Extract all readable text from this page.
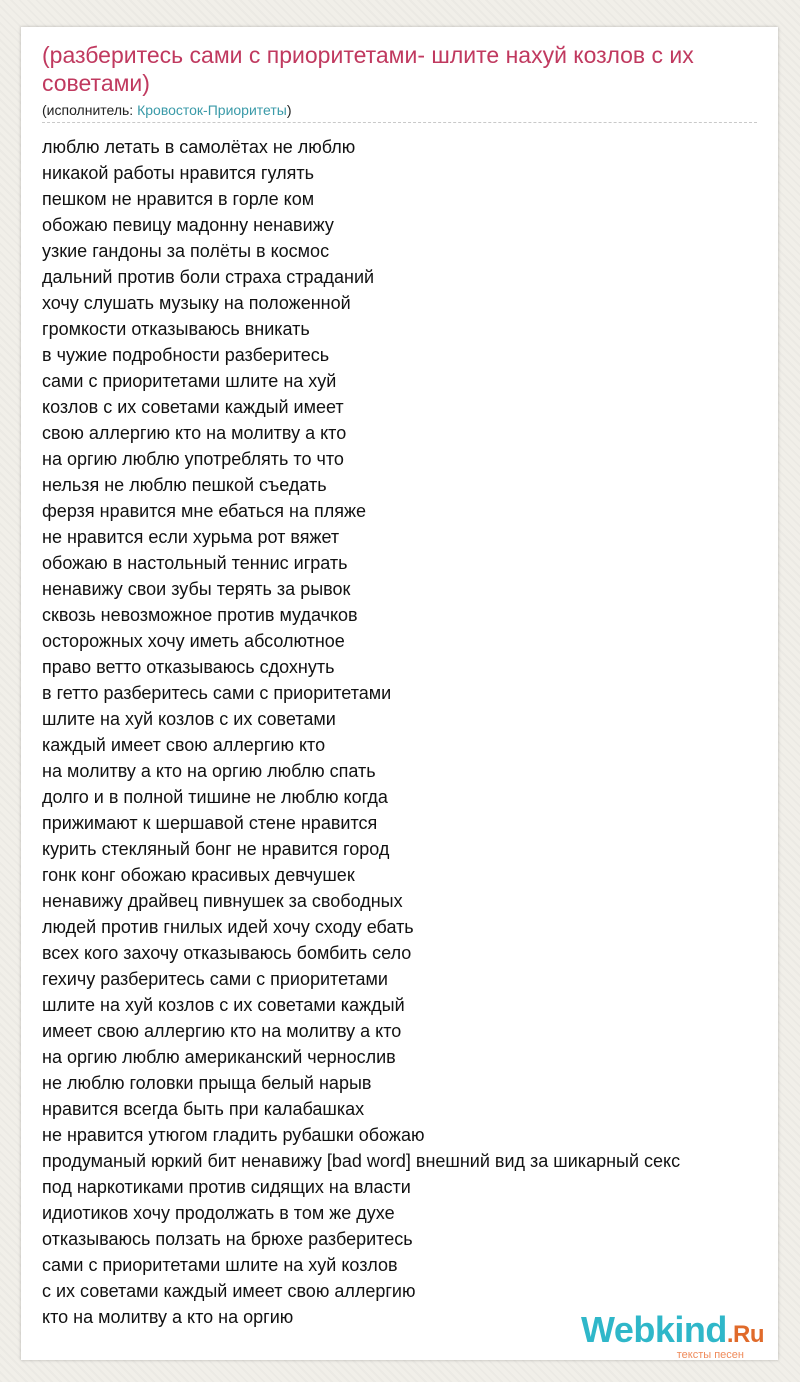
(разберитесь сами с приоритетами- шлите нахуй козлов с их советами)
(исполнитель: Кровосток-Приоритеты)
люблю летать в самолётах не люблю
никакой работы нравится гулять
пешком не нравится в горле ком
обожаю певицу мадонну ненавижу
узкие гандоны за полёты в космос
дальний против боли страха страданий
хочу слушать музыку на положенной
громкости отказываюсь вникать
в чужие подробности разберитесь
сами с приоритетами шлите на хуй
козлов с их советами каждый имеет
свою аллергию кто на молитву а кто
на оргию люблю употреблять то что
нельзя не люблю пешкой съедать
ферзя нравится мне ебаться на пляже
не нравится если хурьма рот вяжет
обожаю в настольный теннис играть
ненавижу свои зубы терять за рывок
сквозь невозможное против мудачков
осторожных хочу иметь абсолютное
право ветто отказываюсь сдохнуть
в гетто разберитесь сами с приоритетами
шлите на хуй козлов с их советами
каждый имеет свою аллергию кто
на молитву а кто на оргию люблю спать
долго и в полной тишине не люблю когда
прижимают к шершавой стене нравится
курить стекляный бонг не нравится город
гонк конг обожаю красивых девчушек
ненавижу драйвец пивнушек за свободных
людей против гнилых идей хочу сходу ебать
всех кого захочу отказываюсь бомбить село
гехичу разберитесь сами с приоритетами
шлите на хуй козлов с их советами каждый
имеет свою аллергию кто на молитву а кто
на оргию люблю американский чернослив
не люблю головки прыща белый нарыв
нравится всегда быть при калабашках
не нравится утюгом гладить рубашки обожаю
продуманый юркий бит ненавижу [bad word] внешний вид за шикарный секс
под наркотиками против сидящих на власти
идиотиков хочу продолжать в том же духе
отказываюсь ползать на брюхе разберитесь
сами с приоритетами шлите на хуй козлов
с их советами каждый имеет свою аллергию
кто на молитву а кто на оргию	Webkind.Ru
тексты песен
